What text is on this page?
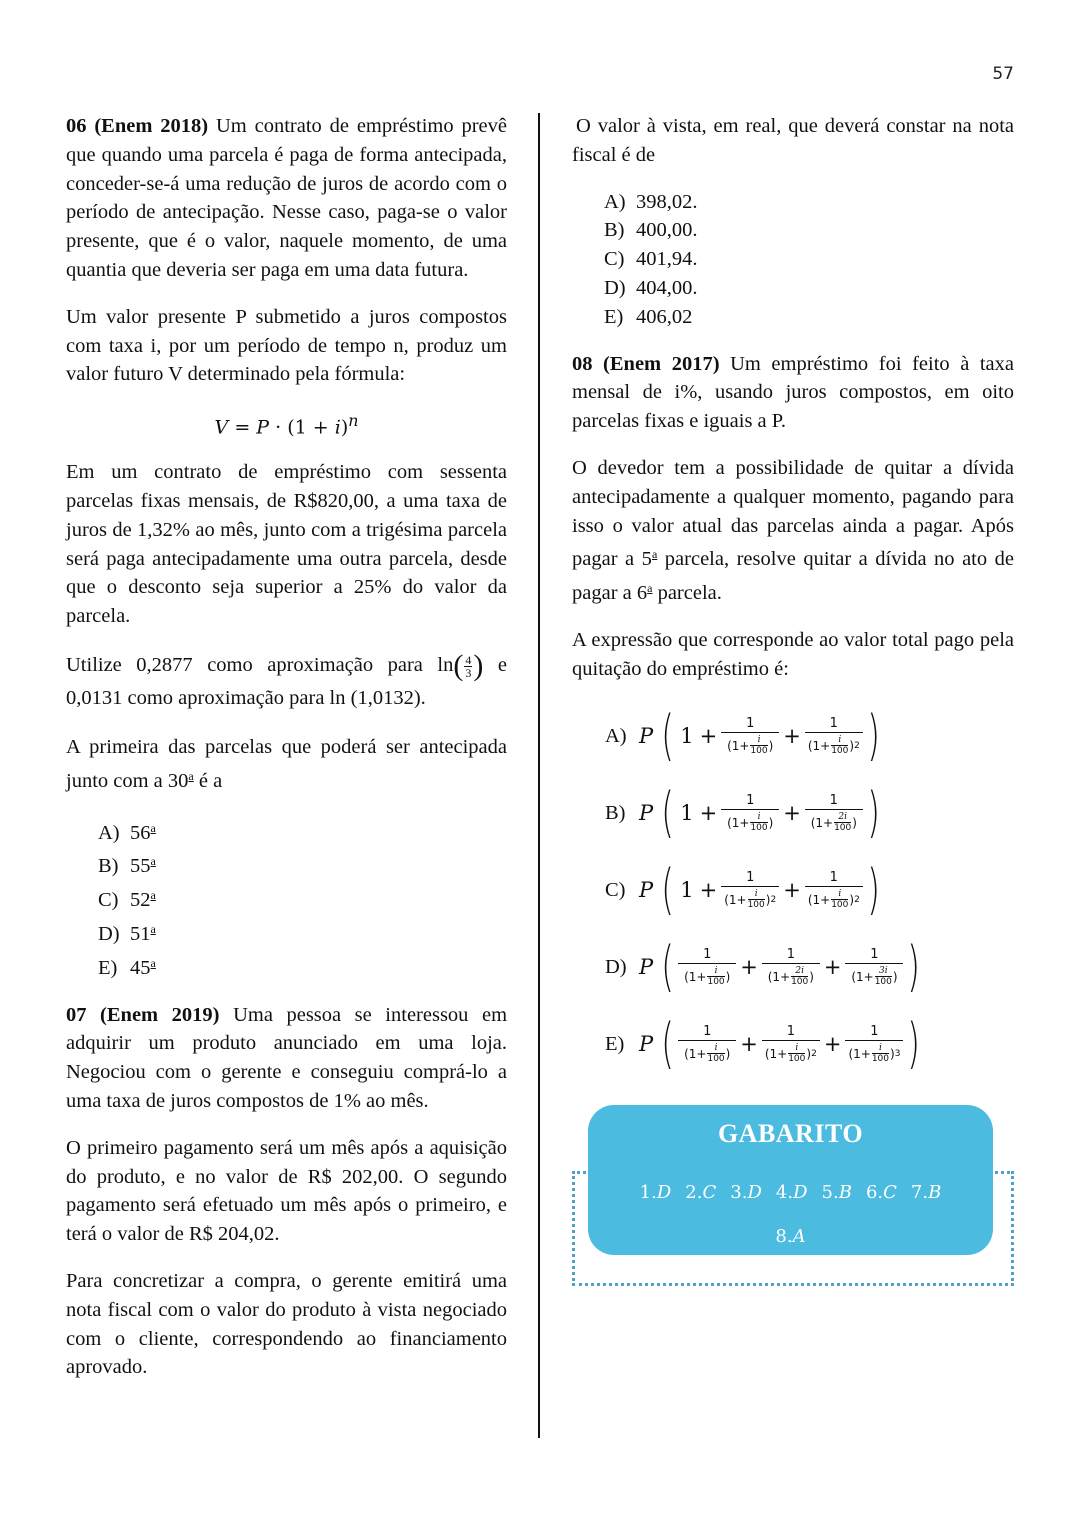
57

06 (Enem 2018) Um contrato de empréstimo prevê que quando uma parcela é paga de forma antecipada, conceder-se-á uma redução de juros de acordo com o período de antecipação. Nesse caso, paga-se o valor presente, que é o valor, naquele momento, de uma quantia que deveria ser paga em uma data futura.

Um valor presente P submetido a juros compostos com taxa i, por um período de tempo n, produz um valor futuro V determinado pela fórmula:

$V = P \cdot (1 + i)^n$

Em um contrato de empréstimo com sessenta parcelas fixas mensais, de R$820,00, a uma taxa de juros de 1,32% ao mês, junto com a trigésima parcela será paga antecipadamente uma outra parcela, desde que o desconto seja superior a 25% do valor da parcela.

Utilize 0,2877 como aproximação para $\ln( \frac{4}{3}$ ) e 0,0131 como aproximação para ln (1,0132).

A primeira das parcelas que poderá ser antecipada junto com a 30$^a$ é a

A) 56$^a$
B) 55$^a$
C) 52$^a$
D) 51$^a$
E) 45$^a$

07 (Enem 2019) Uma pessoa se interessou em adquirir um produto anunciado em uma loja. Negociou com o gerente e conseguiu comprá-lo a uma taxa de juros compostos de 1% ao mês.

O primeiro pagamento será um mês após a aquisição do produto, e no valor de R$ 202,00. O segundo pagamento será efetuado um mês após o primeiro, e terá o valor de R$ 204,02.

Para concretizar a compra, o gerente emitirá uma nota fiscal com o valor do produto à vista negociado com o cliente, correspondendo ao financiamento aprovado.

O valor à vista, em real, que deverá constar na nota fiscal é de

A) 398,02.
B) 400,00.
C) 401,94.
D) 404,00.
E) 406,02

08 (Enem 2017) Um empréstimo foi feito à taxa mensal de i%, usando juros compostos, em oito parcelas fixas e iguais a P.

O devedor tem a possibilidade de quitar a dívida antecipadamente a qualquer momento, pagando para isso o valor atual das parcelas ainda a pagar. Após pagar a 5$^a$ parcela, resolve quitar a dívida no ato de pagar a 6$^a$ parcela.

A expressão que corresponde ao valor total pago pela quitação do empréstimo é:

A) P ( 1 +
1
(1+ i
100 ) +
1
(1+ i
100 ) 2 )
B) P ( 1 +
1
(1+ i
100 ) +
1
(1+ 2i
100 ) )
C) P ( 1 +
1
(1+ i
100 ) 2 +
1
(1+ i
100 ) 2 )
D) P ( 1
(1+ i
100 ) +
1
(1+ 2i
100 ) +
1
(1+ 3i
100 ) )
E) P ( 1
(1+ i
100 ) +
1
(1+ i
100 ) 2 +
1
(1+ i
100 ) 3 )
GABARITO
1.D 2.C 3.D 4.D 5.B 6.C 7.B8.A
